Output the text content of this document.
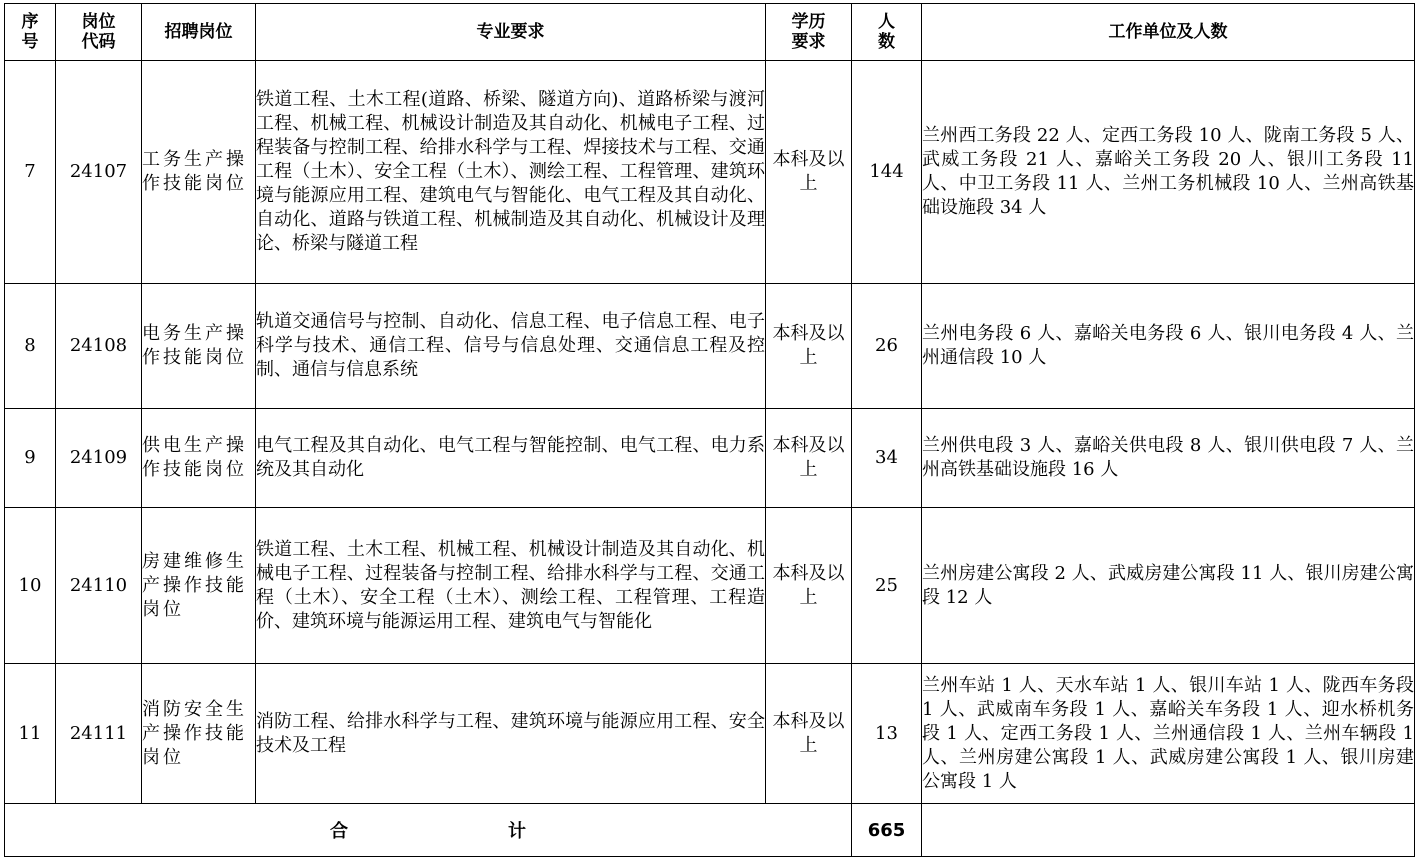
序号	岗位代码	招聘岗位	专业要求	学历要求	人数	工作单位及人数
7	24107	工务生产操作技能岗位	铁道工程、土木工程(道路、桥梁、隧道方向)、道路桥梁与渡河工程、机械工程、机械设计制造及其自动化、机械电子工程、过程装备与控制工程、给排水科学与工程、焊接技术与工程、交通工程（土木）、安全工程（土木）、测绘工程、工程管理、建筑环境与能源应用工程、建筑电气与智能化、电气工程及其自动化、自动化、道路与铁道工程、机械制造及其自动化、机械设计及理论、桥梁与隧道工程	本科及以上	144	兰州西工务段 22 人、定西工务段 10 人、陇南工务段 5 人、武威工务段 21 人、嘉峪关工务段 20 人、银川工务段 11 人、中卫工务段 11 人、兰州工务机械段 10 人、兰州高铁基础设施段 34 人
8	24108	电务生产操作技能岗位	轨道交通信号与控制、自动化、信息工程、电子信息工程、电子科学与技术、通信工程、信号与信息处理、交通信息工程及控制、通信与信息系统	本科及以上	26	兰州电务段 6 人、嘉峪关电务段 6 人、银川电务段 4 人、兰州通信段 10 人
9	24109	供电生产操作技能岗位	电气工程及其自动化、电气工程与智能控制、电气工程、电力系统及其自动化	本科及以上	34	兰州供电段 3 人、嘉峪关供电段 8 人、银川供电段 7 人、兰州高铁基础设施段 16 人
10	24110	房建维修生产操作技能岗位	铁道工程、土木工程、机械工程、机械设计制造及其自动化、机械电子工程、过程装备与控制工程、给排水科学与工程、交通工程（土木）、安全工程（土木）、测绘工程、工程管理、工程造价、建筑环境与能源运用工程、建筑电气与智能化	本科及以上	25	兰州房建公寓段 2 人、武威房建公寓段 11 人、银川房建公寓段 12 人
11	24111	消防安全生产操作技能岗位	消防工程、给排水科学与工程、建筑环境与能源应用工程、安全技术及工程	本科及以上	13	兰州车站 1 人、天水车站 1 人、银川车站 1 人、陇西车务段 1 人、武威南车务段 1 人、嘉峪关车务段 1 人、迎水桥机务段 1 人、定西工务段 1 人、兰州通信段 1 人、兰州车辆段 1 人、兰州房建公寓段 1 人、武威房建公寓段 1 人、银川房建公寓段 1 人
合计					665	
